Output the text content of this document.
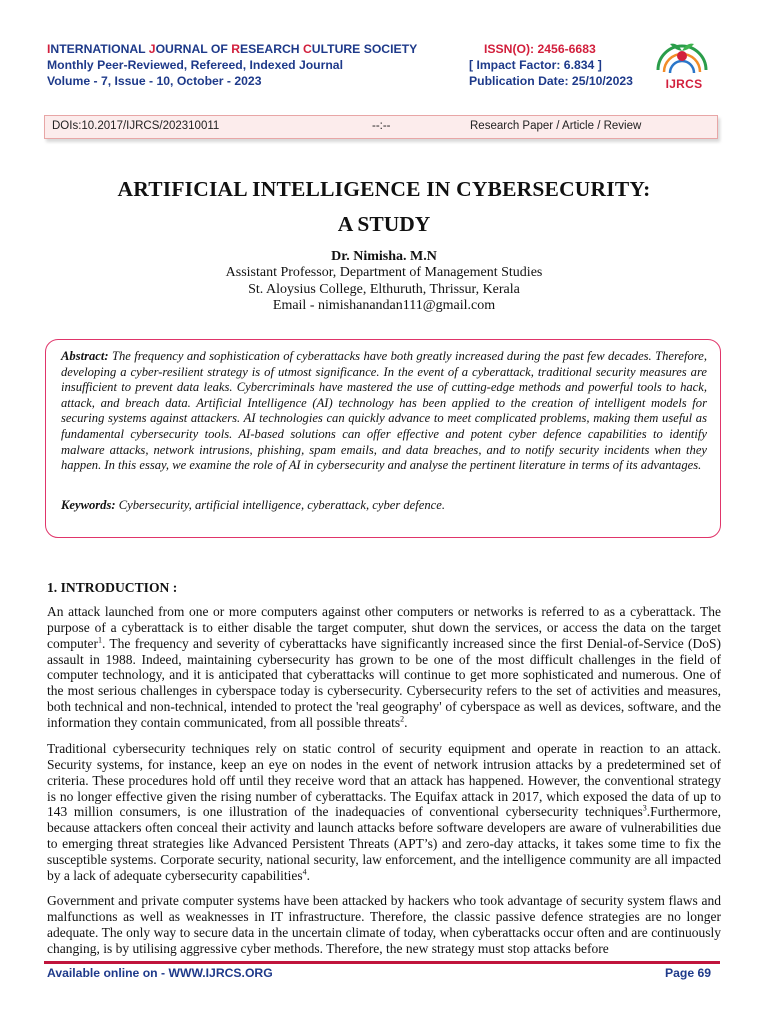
INTERNATIONAL JOURNAL OF RESEARCH CULTURE SOCIETY
Monthly Peer-Reviewed, Refereed, Indexed Journal
Volume - 7, Issue - 10, October - 2023
ISSN(O): 2456-6683
[ Impact Factor: 6.834 ]
Publication Date: 25/10/2023	IJRCS
DOIs:10.2017/IJRCS/202310011	--:--	Research Paper / Article / Review
ARTIFICIAL INTELLIGENCE IN CYBERSECURITY:
A STUDY
Dr. Nimisha. M.N
Assistant Professor, Department of Management Studies
St. Aloysius College, Elthuruth, Thrissur, Kerala
Email - nimishanandan111@gmail.com

Abstract: The frequency and sophistication of cyberattacks have both greatly increased during the past few decades. Therefore, developing a cyber-resilient strategy is of utmost significance. In the event of a cyberattack, traditional security measures are insufficient to prevent data leaks. Cybercriminals have mastered the use of cutting-edge methods and powerful tools to hack, attack, and breach data. Artificial Intelligence (AI) technology has been applied to the creation of intelligent models for securing systems against attackers. AI technologies can quickly advance to meet complicated problems, making them useful as fundamental cybersecurity tools. AI-based solutions can offer effective and potent cyber defence capabilities to identify malware attacks, network intrusions, phishing, spam emails, and data breaches, and to notify security incidents when they happen. In this essay, we examine the role of AI in cybersecurity and analyse the pertinent literature in terms of its advantages.

Keywords: Cybersecurity, artificial intelligence, cyberattack, cyber defence.

1. INTRODUCTION :

An attack launched from one or more computers against other computers or networks is referred to as a cyberattack. The purpose of a cyberattack is to either disable the target computer, shut down the services, or access the data on the target computer$^1$. The frequency and severity of cyberattacks have significantly increased since the first Denial-of-Service (DoS) assault in 1988. Indeed, maintaining cybersecurity has grown to be one of the most difficult challenges in the field of computer technology, and it is anticipated that cyberattacks will continue to get more sophisticated and numerous. One of the most serious challenges in cyberspace today is cybersecurity. Cybersecurity refers to the set of activities and measures, both technical and non-technical, intended to protect the 'real geography' of cyberspace as well as devices, software, and the information they contain communicated, from all possible threats$^2$.

Traditional cybersecurity techniques rely on static control of security equipment and operate in reaction to an attack. Security systems, for instance, keep an eye on nodes in the event of network intrusion attacks by a predetermined set of criteria. These procedures hold off until they receive word that an attack has happened. However, the conventional strategy is no longer effective given the rising number of cyberattacks. The Equifax attack in 2017, which exposed the data of up to 143 million consumers, is one illustration of the inadequacies of conventional cybersecurity techniques$^3$.Furthermore, because attackers often conceal their activity and launch attacks before software developers are aware of vulnerabilities due to emerging threat strategies like Advanced Persistent Threats (APT’s) and zero-day attacks, it takes some time to fix the susceptible systems. Corporate security, national security, law enforcement, and the intelligence community are all impacted by a lack of adequate cybersecurity capabilities$^4$.

Government and private computer systems have been attacked by hackers who took advantage of security system flaws and malfunctions as well as weaknesses in IT infrastructure. Therefore, the classic passive defence strategies are no longer adequate. The only way to secure data in the uncertain climate of today, when cyberattacks occur often and are continuously changing, is by utilising aggressive cyber methods. Therefore, the new strategy must stop attacks before

Available online on - WWW.IJRCS.ORG	Page 69
